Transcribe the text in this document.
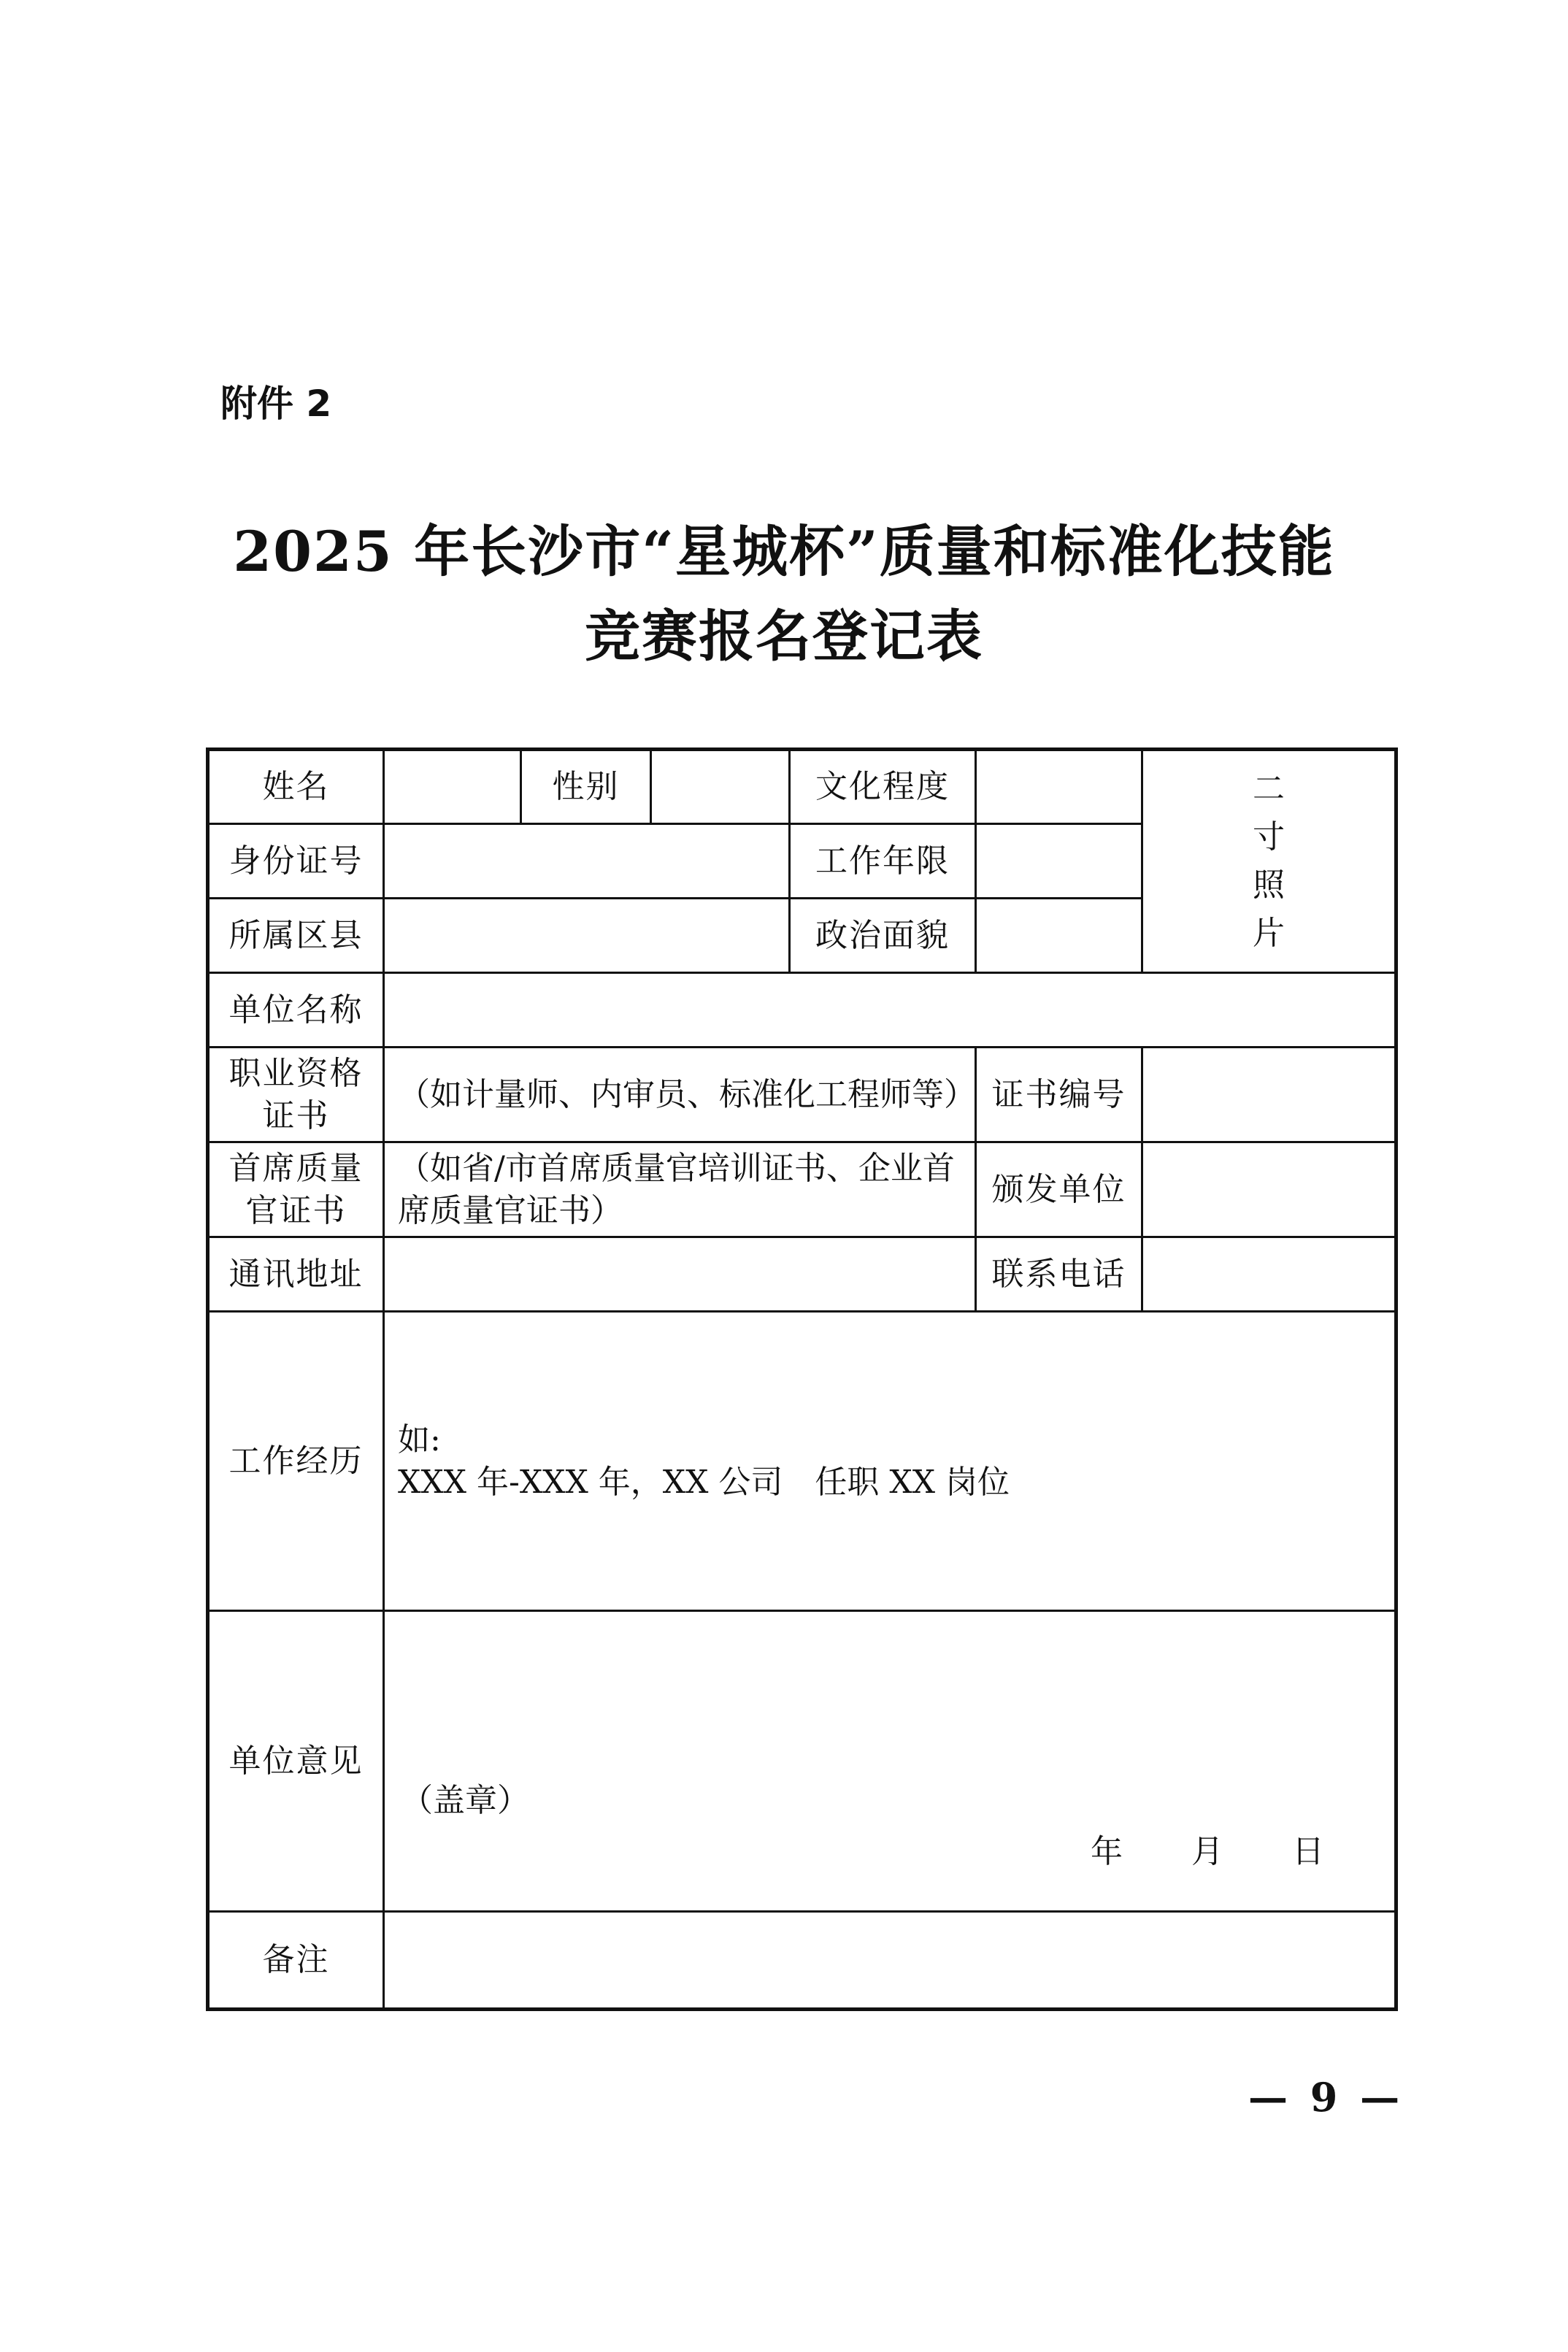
附件 2
2025 年长沙市“星城杯”质量和标准化技能
竞赛报名登记表
姓名		性别		文化程度		二
寸
照
片

身份证号				工作年限		
所属区县				政治面貌		
单位名称						
职业资格证书	（如计量师、内审员、标准化工程师等）				证书编号	
首席质量官证书	（如省/市首席质量官培训证书、企业首席质量官证书）				颁发单位	
通讯地址					联系电话	
工作经历	如:
XXX 年-XXX 年，XX 公司　任职 XX 岗位					

单位意见	（盖章）
年 月 日					

备注						
— 9 —
